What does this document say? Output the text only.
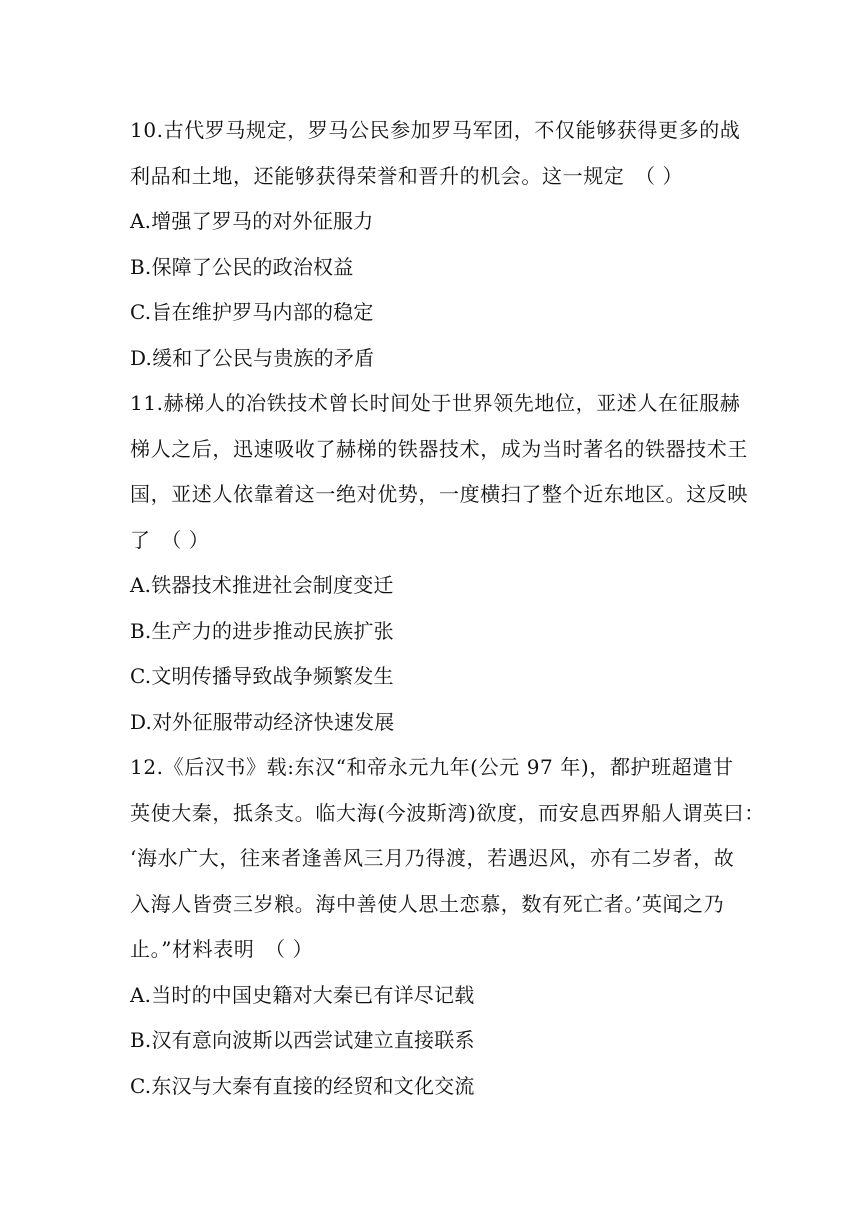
10.古代罗马规定，罗马公民参加罗马军团，不仅能够获得更多的战
利品和土地，还能够获得荣誉和晋升的机会。这一规定　（ ）
A.增强了罗马的对外征服力
B.保障了公民的政治权益
C.旨在维护罗马内部的稳定
D.缓和了公民与贵族的矛盾
11.赫梯人的冶铁技术曾长时间处于世界领先地位，亚述人在征服赫
梯人之后，迅速吸收了赫梯的铁器技术，成为当时著名的铁器技术王
国，亚述人依靠着这一绝对优势，一度横扫了整个近东地区。这反映
了　（ ）
A.铁器技术推进社会制度变迁
B.生产力的进步推动民族扩张
C.文明传播导致战争频繁发生
D.对外征服带动经济快速发展
12.《后汉书》载:东汉“和帝永元九年(公元 97 年)，都护班超遣甘
英使大秦，抵条支。临大海(今波斯湾)欲度，而安息西界船人谓英曰：
‘海水广大，往来者逢善风三月乃得渡，若遇迟风，亦有二岁者，故
入海人皆赍三岁粮。海中善使人思土恋慕，数有死亡者。’英闻之乃
止。”材料表明　（ ）
A.当时的中国史籍对大秦已有详尽记载
B.汉有意向波斯以西尝试建立直接联系
C.东汉与大秦有直接的经贸和文化交流
